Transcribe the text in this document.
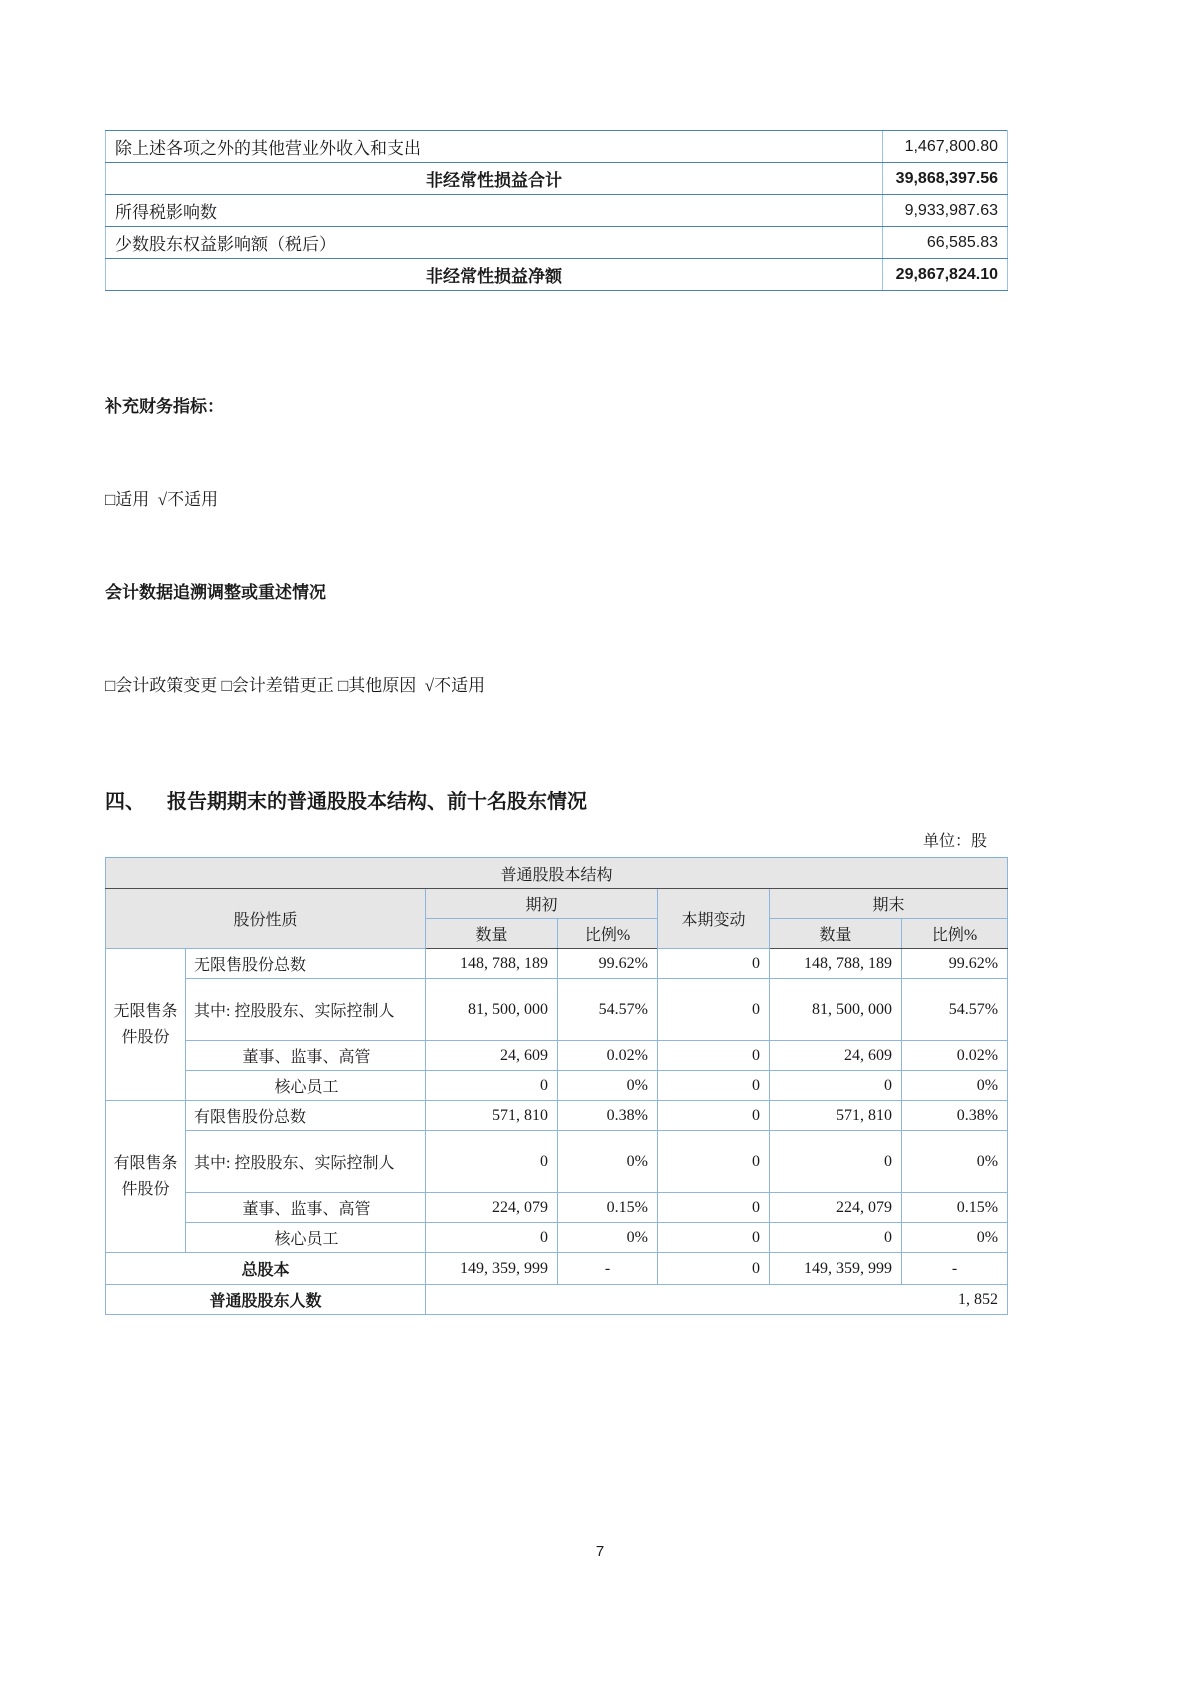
除上述各项之外的其他营业外收入和支出	1,467,800.80
非经常性损益合计	39,868,397.56
所得税影响数	9,933,987.63
少数股东权益影响额（税后）	66,585.83
非经常性损益净额	29,867,824.10

补充财务指标：

□适用  √不适用

会计数据追溯调整或重述情况

□会计政策变更 □会计差错更正 □其他原因  √不适用

四、 报告期期末的普通股股本结构、前十名股东情况
单位：股
普通股股本结构						
股份性质		期初		本期变动	期末	
		数量	比例%		数量	比例%
无限售条件股份	无限售股份总数	148, 788, 189	99.62%	0	148, 788, 189	99.62%
	其中: 控股股东、实际控制人	81, 500, 000	54.57%	0	81, 500, 000	54.57%
	董事、监事、高管	24, 609	0.02%	0	24, 609	0.02%
	核心员工	0	0%	0	0	0%
有限售条件股份	有限售股份总数	571, 810	0.38%	0	571, 810	0.38%
	其中: 控股股东、实际控制人	0	0%	0	0	0%
	董事、监事、高管	224, 079	0.15%	0	224, 079	0.15%
	核心员工	0	0%	0	0	0%
总股本		149, 359, 999	-	0	149, 359, 999	-
普通股股东人数		1, 852				
7
